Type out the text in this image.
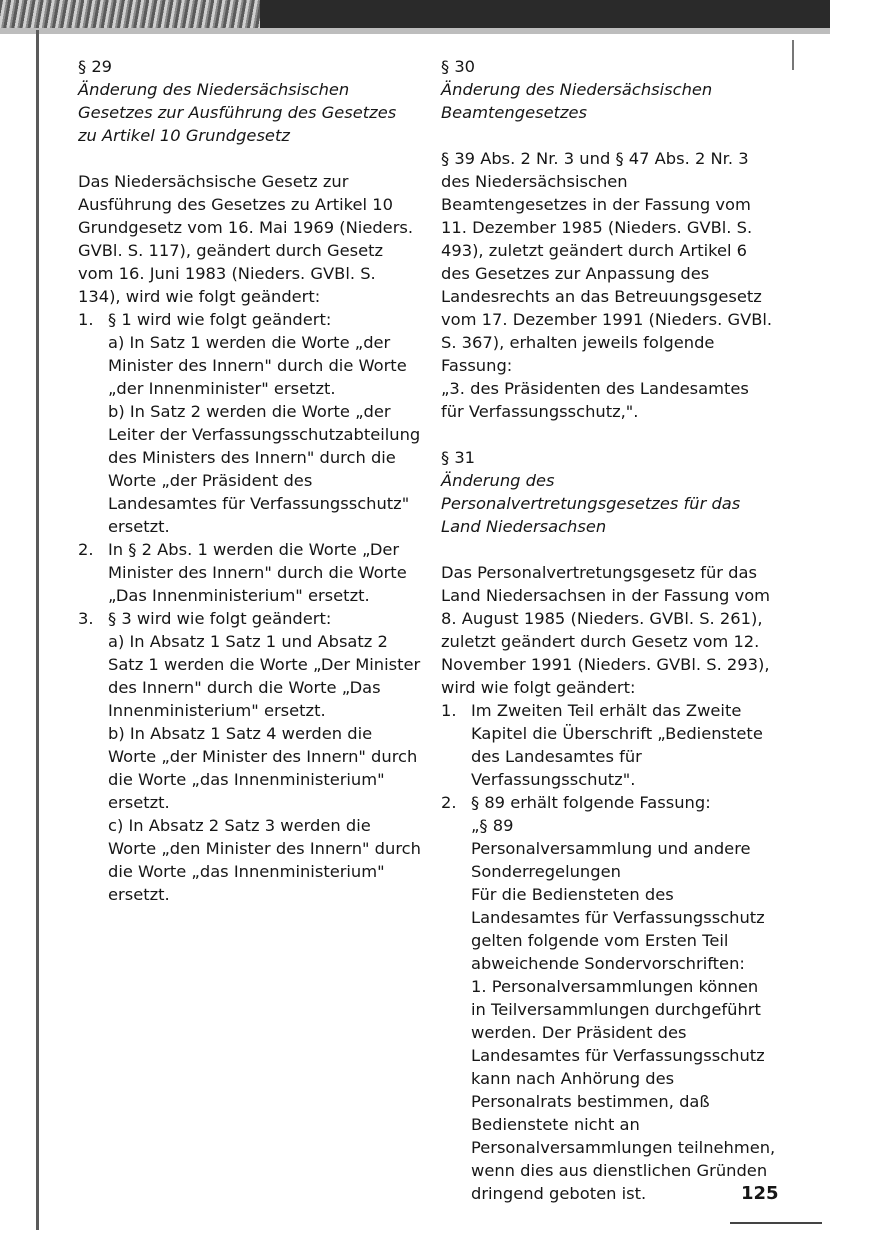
§ 29

Änderung des Niedersächsischen Gesetzes zur Ausführung des Gesetzes zu Artikel 10 Grundgesetz

Das Niedersächsische Gesetz zur Ausführung des Gesetzes zu Artikel 10 Grundgesetz vom 16. Mai 1969 (Nieders. GVBl. S. 117), geändert durch Gesetz vom 16. Juni 1983 (Nieders. GVBl. S. 134), wird wie folgt geändert:

1. § 1 wird wie folgt geändert:

a) In Satz 1 werden die Worte „der Minister des Innern" durch die Worte „der Innenminister" ersetzt.

b) In Satz 2 werden die Worte „der Leiter der Verfassungsschutzabteilung des Ministers des Innern" durch die Worte „der Präsident des Landesamtes für Verfassungsschutz" ersetzt.

2. In § 2 Abs. 1 werden die Worte „Der Minister des Innern" durch die Worte „Das Innenministerium" ersetzt.

3. § 3 wird wie folgt geändert:

a) In Absatz 1 Satz 1 und Absatz 2 Satz 1 werden die Worte „Der Minister des Innern" durch die Worte „Das Innenministerium" ersetzt.

b) In Absatz 1 Satz 4 werden die Worte „der Minister des Innern" durch die Worte „das Innenministerium" ersetzt.

c) In Absatz 2 Satz 3 werden die Worte „den Minister des Innern" durch die Worte „das Innenministerium" ersetzt.

§ 30

Änderung des Niedersächsischen Beamtengesetzes

§ 39 Abs. 2 Nr. 3 und § 47 Abs. 2 Nr. 3 des Niedersächsischen Beamtengesetzes in der Fassung vom 11. Dezember 1985 (Nieders. GVBl. S. 493), zuletzt geändert durch Artikel 6 des Gesetzes zur Anpassung des Landesrechts an das Betreuungsgesetz vom 17. Dezember 1991 (Nieders. GVBl. S. 367), erhalten jeweils folgende Fassung:

„3. des Präsidenten des Landesamtes für Verfassungsschutz,".

§ 31

Änderung des Personalvertretungsgesetzes für das Land Niedersachsen

Das Personalvertretungsgesetz für das Land Niedersachsen in der Fassung vom 8. August 1985 (Nieders. GVBl. S. 261), zuletzt geändert durch Gesetz vom 12. November 1991 (Nieders. GVBl. S. 293), wird wie folgt geändert:

1. Im Zweiten Teil erhält das Zweite Kapitel die Überschrift „Bedienstete des Landesamtes für Verfassungsschutz".

2. § 89 erhält folgende Fassung:

„§ 89

Personalversammlung und andere Sonderregelungen

Für die Bediensteten des Landesamtes für Verfassungsschutz gelten folgende vom Ersten Teil abweichende Sondervorschriften:

1. Personalversammlungen können in Teilversammlungen durchgeführt werden. Der Präsident des Landesamtes für Verfassungsschutz kann nach Anhörung des Personalrats bestimmen, daß Bedienstete nicht an Personalversammlungen teilnehmen, wenn dies aus dienstlichen Gründen dringend geboten ist.	125
